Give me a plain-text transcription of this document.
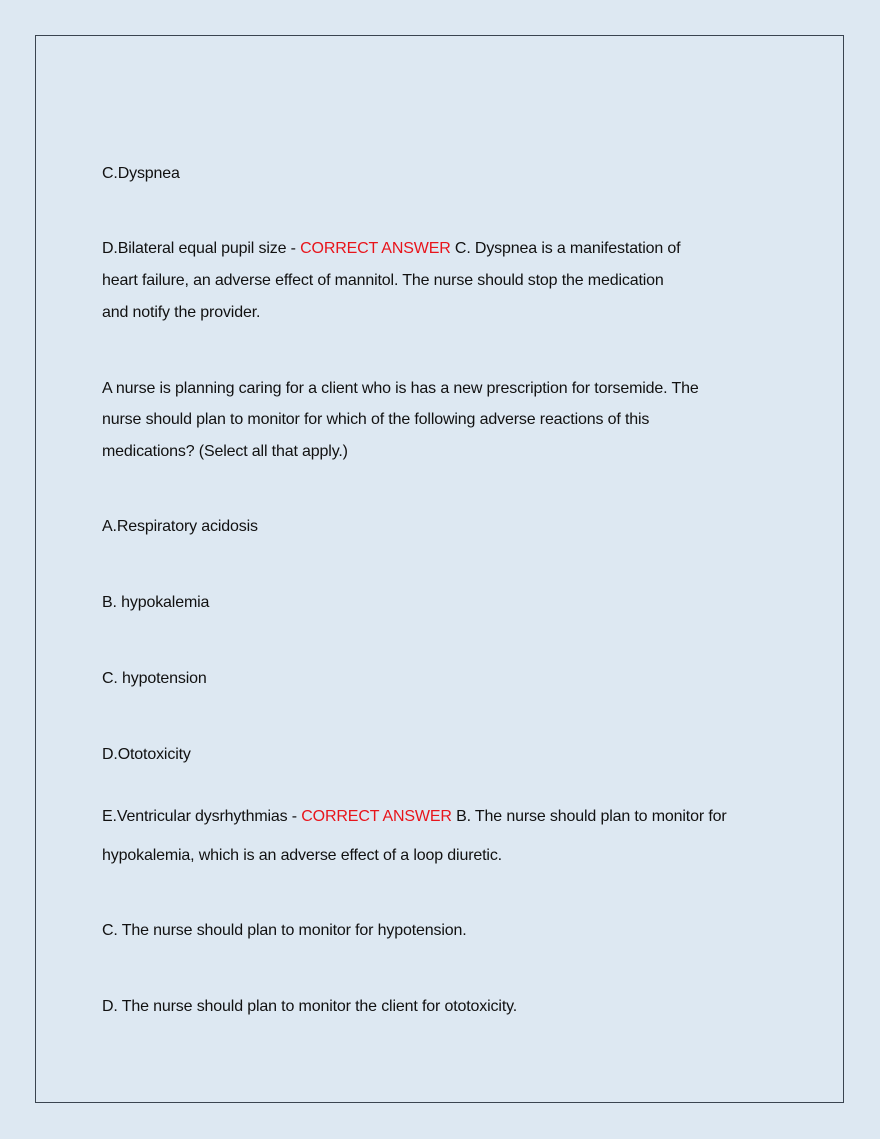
C.Dyspnea
D.Bilateral equal pupil size - CORRECT ANSWER C. Dyspnea is a manifestation of
heart failure, an adverse effect of mannitol. The nurse should stop the medication
and notify the provider.
A nurse is planning caring for a client who is has a new prescription for torsemide. The
nurse should plan to monitor for which of the following adverse reactions of this
medications? (Select all that apply.)
A.Respiratory acidosis
B. hypokalemia
C. hypotension
D.Ototoxicity
E.Ventricular dysrhythmias - CORRECT ANSWER B. The nurse should plan to monitor for
hypokalemia, which is an adverse effect of a loop diuretic.
C. The nurse should plan to monitor for hypotension.
D. The nurse should plan to monitor the client for ototoxicity.
